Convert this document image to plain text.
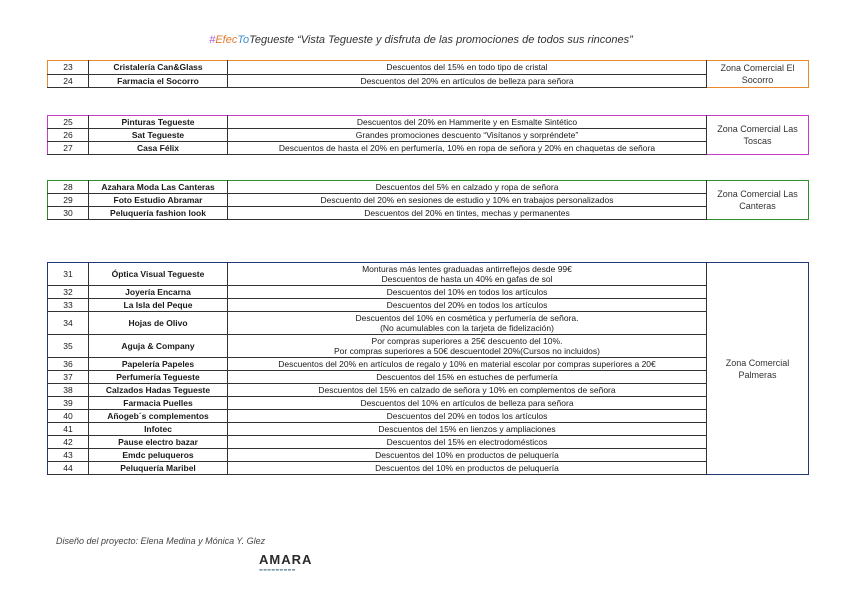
#EfecToTegueste “Vista Tegueste y disfruta de las promociones de todos sus rincones”
23	Cristalería Can&Glass	Descuentos del 15% en todo tipo de cristal	Zona Comercial El Socorro
24	Farmacia el Socorro	Descuentos del 20% en artículos de belleza para señora	
25	Pinturas Tegueste	Descuentos del 20% en Hammerite y en Esmalte Sintético	Zona Comercial Las Toscas
26	Sat Tegueste	Grandes promociones descuento “Visítanos y sorpréndete”	
27	Casa Félix	Descuentos de hasta el 20% en perfumería, 10% en ropa de señora y 20% en chaquetas de señora	
28	Azahara Moda Las Canteras	Descuentos del 5% en calzado y ropa de señora	Zona Comercial Las Canteras
29	Foto Estudio Abramar	Descuento del 20% en sesiones de estudio y 10% en trabajos personalizados	
30	Peluquería fashion look	Descuentos del 20% en tintes, mechas y permanentes	
31	Óptica Visual Tegueste	Monturas más lentes graduadas antirreflejos desde 99€
Descuentos de hasta un 40% en gafas de sol	Zona Comercial Palmeras
32	Joyería Encarna	Descuentos del 10% en todos los artículos	
33	La Isla del Peque	Descuentos del 20% en todos los artículos	
34	Hojas de Olivo	Descuentos del 10% en cosmética y perfumería de señora.
(No acumulables con la tarjeta de fidelización)	
35	Aguja & Company	Por compras superiores a 25€ descuento del 10%.
Por compras superiores a 50€ descuentodel 20%(Cursos no incluidos)	
36	Papelería Papeles	Descuentos del 20% en artículos de regalo y 10% en material escolar por compras superiores a 20€	
37	Perfumería Tegueste	Descuentos del 15% en estuches de perfumería	
38	Calzados Hadas Tegueste	Descuentos del 15% en calzado de señora y 10% en complementos de señora	
39	Farmacia Puelles	Descuentos del 10% en artículos de belleza para señora	
40	Añogeb´s complementos	Descuentos del 20% en todos los artículos	
41	Infotec	Descuentos del 15% en lienzos y ampliaciones	
42	Pause electro bazar	Descuentos del 15% en electrodomésticos	
43	Emdc peluqueros	Descuentos del 10% en productos de peluquería	
44	Peluquería Maribel	Descuentos del 10% en productos de peluquería	
Diseño del proyecto: Elena Medina y Mónica Y. Glez
AMARA
▬▬▬▬▬▬▬▬▬
